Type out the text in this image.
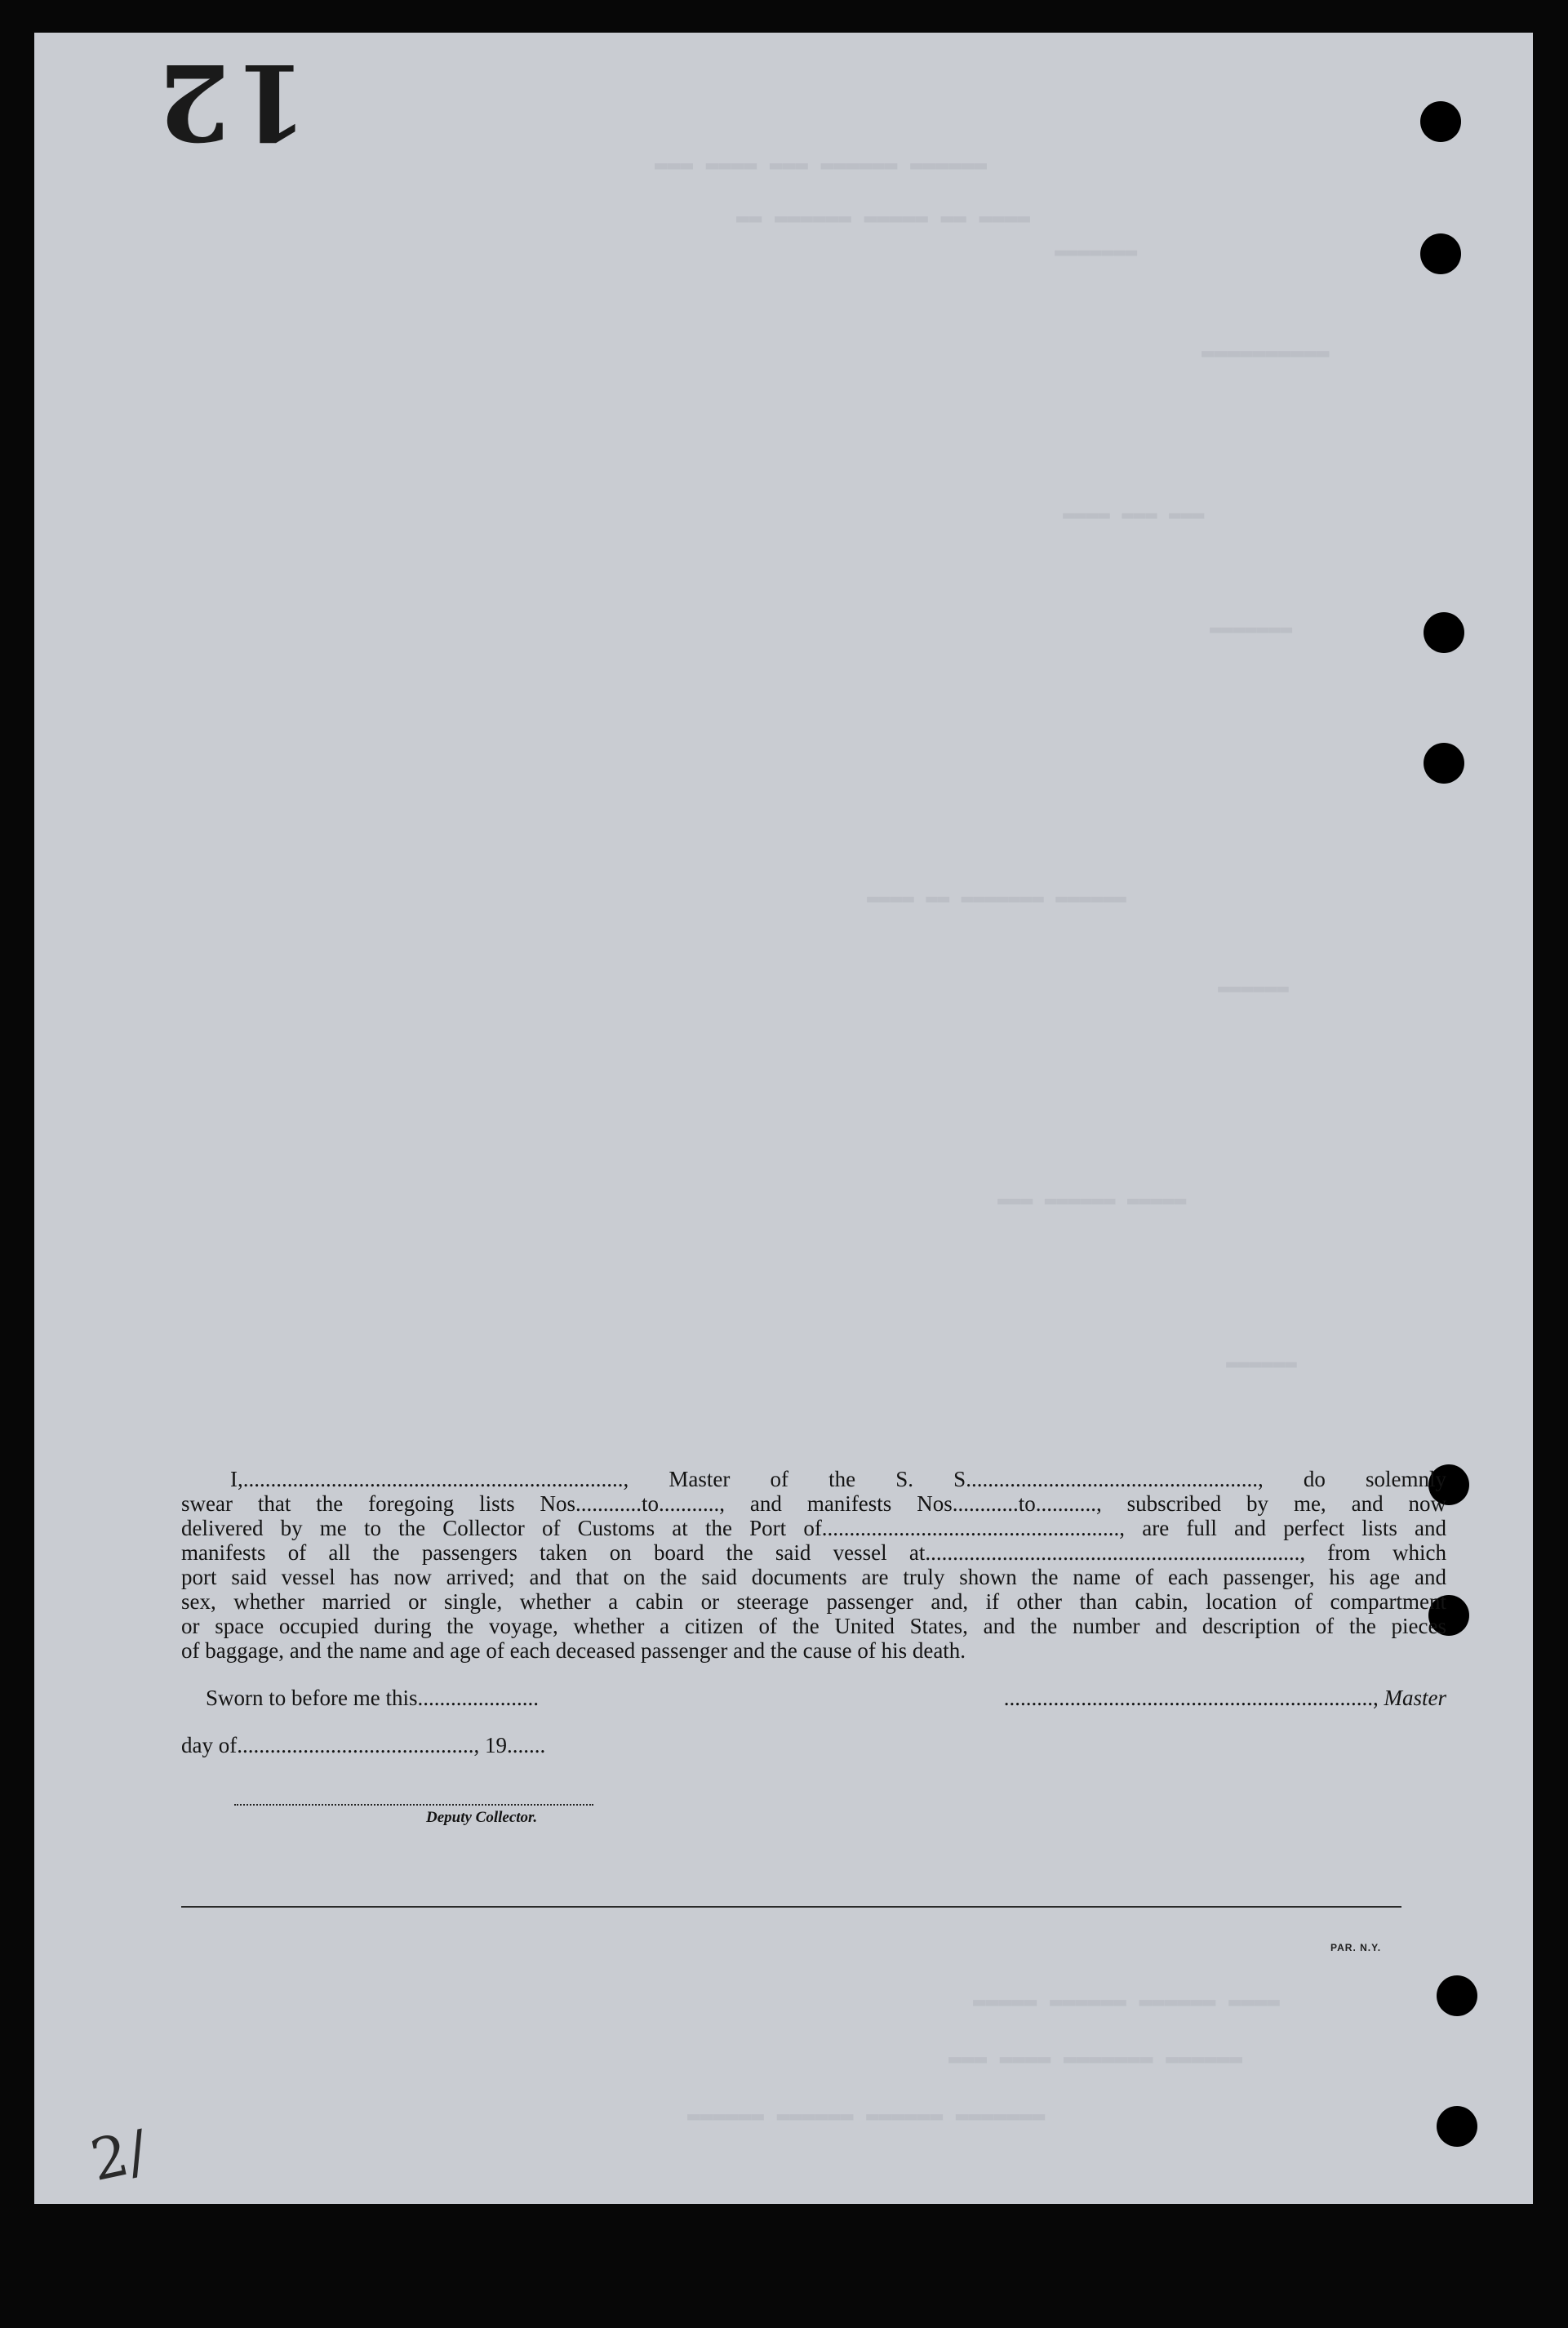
12
▬▬▬▬▬▬ ▬▬▬▬▬▬ ▬▬▬ ▬▬▬▬ ▬▬▬
▬▬▬▬ ▬▬ ▬▬▬▬▬ ▬▬▬▬▬▬ ▬▬
▬▬▬▬▬▬▬
▬▬▬▬▬▬▬▬▬▬
▬▬▬ ▬▬▬ ▬▬▬▬
▬▬▬▬▬▬▬
▬▬▬▬▬▬ ▬▬▬▬▬▬▬ ▬▬ ▬▬▬▬
▬▬▬▬▬▬
▬▬▬▬▬ ▬▬▬▬▬▬ ▬▬▬
▬▬▬▬▬▬
▬▬▬▬ ▬▬▬▬▬▬ ▬▬▬▬▬▬ ▬▬▬▬▬
▬▬▬▬▬▬ ▬▬▬▬▬▬▬ ▬▬▬▬ ▬▬▬
▬▬▬▬▬▬▬ ▬▬▬▬▬▬ ▬▬▬▬▬▬ ▬▬▬▬▬▬
I,....................................................................., Master of the S. S....................................................., do solemnly
swear that the foregoing lists Nos............to..........., and manifests Nos............to..........., subscribed by me, and now
delivered by me to the Collector of Customs at the Port of......................................................, are full and perfect lists and
manifests of all the passengers taken on board the said vessel at...................................................................., from which
port said vessel has now arrived; and that on the said documents are truly shown the name of each passenger, his age and
sex, whether married or single, whether a cabin or steerage passenger and, if other than cabin, location of compartment
or space occupied during the voyage, whether a citizen of the United States, and the number and description of the pieces
of baggage, and the name and age of each deceased passenger and the cause of his death.
Sworn to before me this......................	..................................................................., Master
day of..........................................., 19.......
Deputy Collector.
PAR. N.Y.
2/
